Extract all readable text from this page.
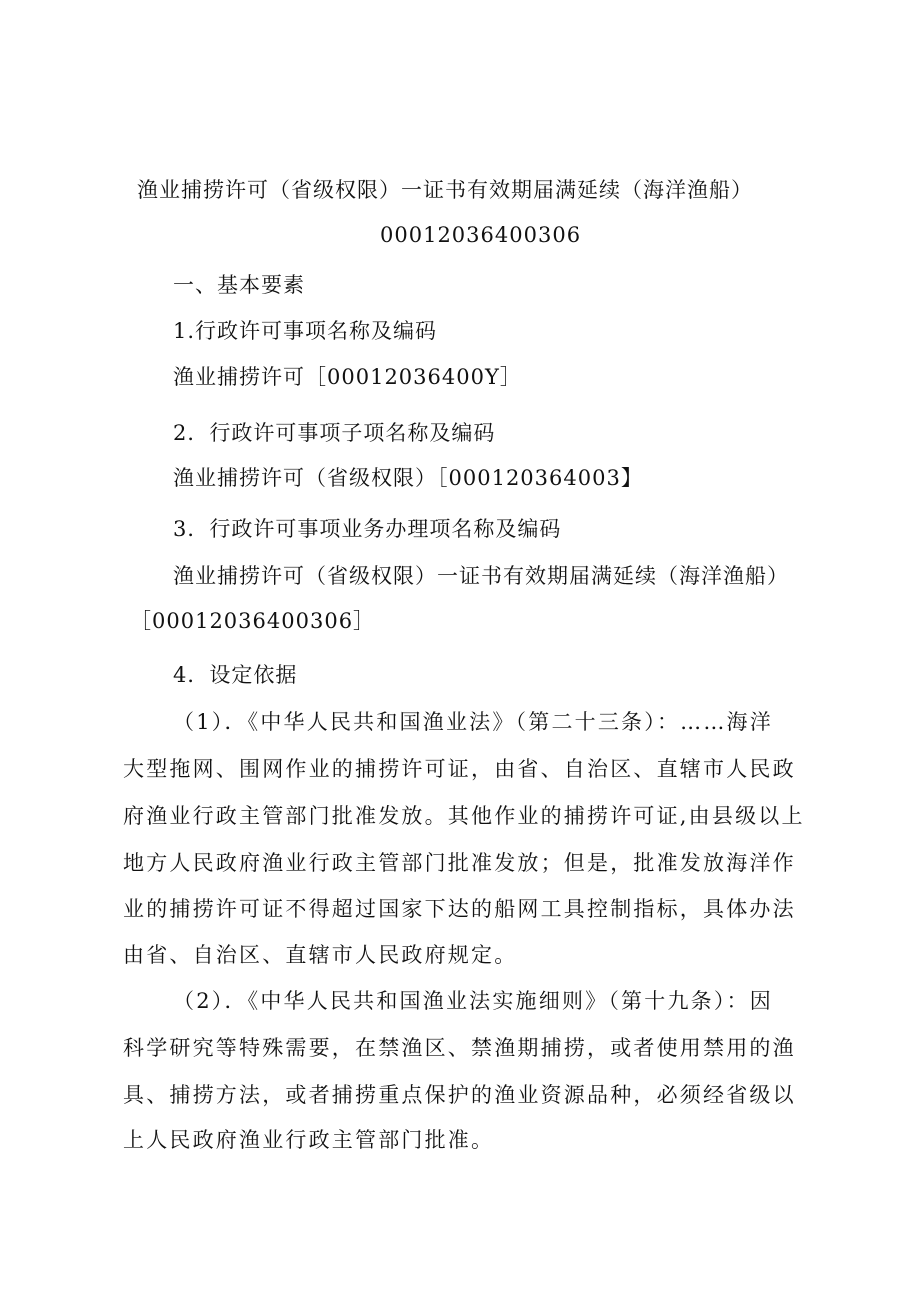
渔业捕捞许可（省级权限）一证书有效期届满延续（海洋渔船）
00012036400306
一、基本要素
1.行政许可事项名称及编码
渔业捕捞许可［00012036400Y］
2．行政许可事项子项名称及编码
渔业捕捞许可（省级权限）［000120364003】
3．行政许可事项业务办理项名称及编码
渔业捕捞许可（省级权限）一证书有效期届满延续（海洋渔船）
［00012036400306］
4．设定依据
（1）．《中华人民共和国渔业法》（第二十三条）：……海洋
大型拖网、围网作业的捕捞许可证，由省、自治区、直辖市人民政
府渔业行政主管部门批准发放。其他作业的捕捞许可证,由县级以上
地方人民政府渔业行政主管部门批准发放；但是，批准发放海洋作
业的捕捞许可证不得超过国家下达的船网工具控制指标，具体办法
由省、自治区、直辖市人民政府规定。
（2）．《中华人民共和国渔业法实施细则》（第十九条）：因
科学研究等特殊需要，在禁渔区、禁渔期捕捞，或者使用禁用的渔
具、捕捞方法，或者捕捞重点保护的渔业资源品种，必须经省级以
上人民政府渔业行政主管部门批准。
